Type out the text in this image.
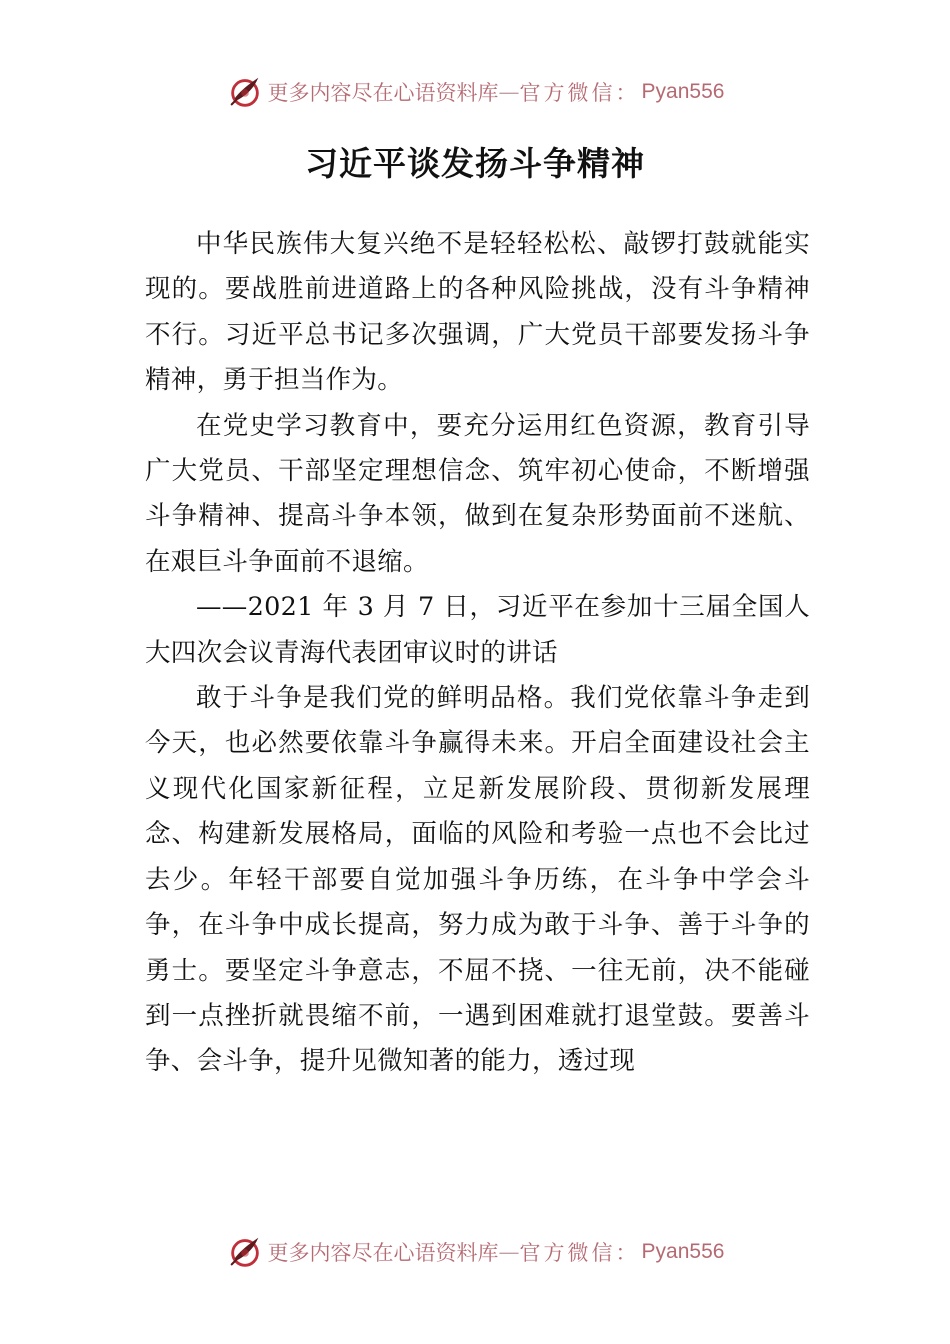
更多内容尽在心语资料库 — 官方微信： Pyan556
习近平谈发扬斗争精神

中华民族伟大复兴绝不是轻轻松松、敲锣打鼓就能实现的。要战胜前进道路上的各种风险挑战，没有斗争精神不行。习近平总书记多次强调，广大党员干部要发扬斗争精神，勇于担当作为。

在党史学习教育中，要充分运用红色资源，教育引导广大党员、干部坚定理想信念、筑牢初心使命，不断增强斗争精神、提高斗争本领，做到在复杂形势面前不迷航、在艰巨斗争面前不退缩。

——2021 年 3 月 7 日，习近平在参加十三届全国人大四次会议青海代表团审议时的讲话

敢于斗争是我们党的鲜明品格。我们党依靠斗争走到今天，也必然要依靠斗争赢得未来。开启全面建设社会主义现代化国家新征程，立足新发展阶段、贯彻新发展理念、构建新发展格局，面临的风险和考验一点也不会比过去少。年轻干部要自觉加强斗争历练，在斗争中学会斗争，在斗争中成长提高，努力成为敢于斗争、善于斗争的勇士。要坚定斗争意志，不屈不挠、一往无前，决不能碰到一点挫折就畏缩不前，一遇到困难就打退堂鼓。要善斗争、会斗争，提升见微知著的能力，透过现

更多内容尽在心语资料库 — 官方微信： Pyan556
